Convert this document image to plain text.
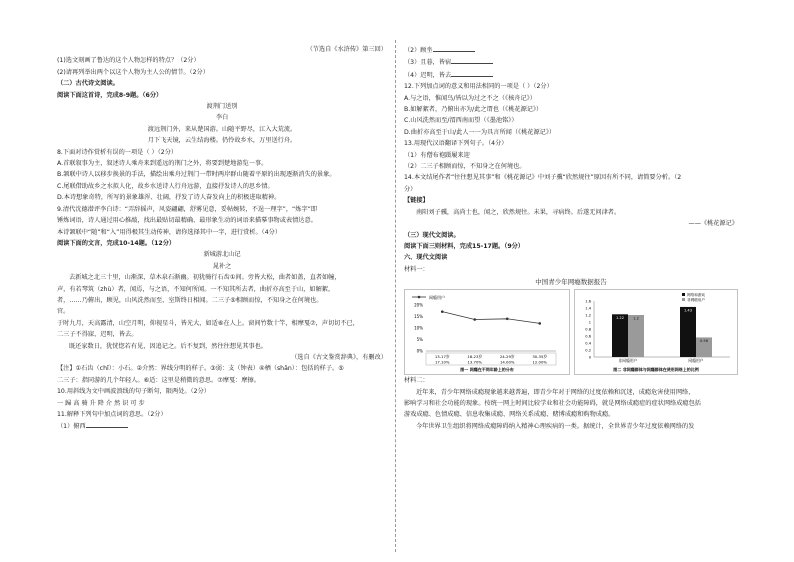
（节选自《水浒传》第三回）
(1)选文刻画了鲁达的这个人物怎样的特点？（2分）
(2)请再列举出两个以这个人物为主人公的情节。（2分）
（二）古代诗文阅读。
阅读下面这首诗，完成8-9题。（6分）
渡荆门送别
李白
渡远荆门外，来从楚国游。山随平野尽，江入大荒流。
月下飞天镜，云生结海楼。仍怜故乡水，万里送行舟。
8.下面对诗作赏析有误的一项是（ ）（2分）
A.首联叙事为主，叙述诗人乘舟来到遥远的荆门之外，将要到楚地游览一事。
B.颔联中诗人以移步换景的手法，描绘出乘舟过荆门一带时两岸群山随着平原的出现逐渐消失的景象。
C.尾联借助故乡之水拟人化，故乡水送诗人行舟远游，直接抒发诗人的思乡情。
D.本诗想象奇特，所写的景象雄浑、壮阔，抒发了诗人奋发向上的积极进取精神。
9.清代沈德潜评李白诗：“弄辞摇声，风姿翩翩，舒雾见意，妥帖婉转，不逞一理字”，“炼字”即
锤炼词语，诗人通过用心推敲，找出最贴切最精确、最形象生动的词语来描摹事物或表情达意。
本诗颔联中“随”和“入”用得极其生动传神，请你选择其中一字，进行赏析。（4分）
阅读下面的文言，完成10-14题。（12分）
新城游北山记
晁补之
去新城之北三十里，山渐深，草木泉石渐幽。初犹骑行石齿①间。旁皆大松，曲者如盖，直者如幢，
声，有若琴筑（zhù）者，闻焉，与之语，不知何所闻。一不知其所去者，曲折亦高至于山，如解絮，
者，……乃俯出，顾见，山风洗然而至，室斯终日相闻。二三子⑤相顾而惊，不知身之在何境也。
官。
于时九月，天高露清，山空月明，仰视星斗，皆光大，如适⑥在人上。窗间竹数十竿，相摩戛⑦，声切切不已，
二三子不得寐，迟明，皆去。
既还家数日，犹恍惚若有见，因追记之。后不复到，然往往想见其事也。
（选自《古文鉴赏辞典》，有删改）
【注】①石齿（chǐ）：小石。②介然：界线分明的样子。③弱：支（钟表）④栖（shān）：包括的样子。⑤
二三子：指同游的几个年轻人。⑥适：这里是稍微的意思。⑦摩戛：摩擦。
10.用斜线为文中画波浪线的句子断句，限两处。（2分）
一 歸 高 骑 升 降 介 然 识 可 步
11.解释下列句中加点词的意思。（2分）
（1）俯西
（2）顾坐
（3）且暮，皆宿
（4）迟明，皆去
12.下列加点词的意义和用法相同的一项是（ ）（2分）
A.与之语，惟闻鸟/皆以为过之不之（《核舟记》）
B.如解絮者，乃俯出亦为/此之谓也（《桃花源记》）
C.山风洗然而至/渭西南而望（《墨池铭》）
D.曲折亦高至于山/此人一一为具言所闻（《桃花源记》）
13.用现代汉语翻译下列句子。（4分）
（1）有僧布袍蹑履来迎
（2）二三子相顾而惊，不知身之在何境也。
14.本文结尾作者“往往想见其事”和《桃花源记》中刘子骥“欣然规往”原因有所不同，请简要分析。（2
分）
【链接】
南阳刘子骥，高尚士也，闻之，欣然规往。未果，寻病终。后遂无问津者。
——《桃花源记》
（三）现代文阅读。
阅读下面三则材料，完成15-17题。（9分）
六、现代文阅读
材料一：
中国青少年网瘾数据报告
网瘾用户
0%
5%
10%
15%
20%
13-17岁
17.10%
18-23岁
13.70%
24-29岁
14.00%
30-35岁
12.00%
图一 网瘾在不同年龄上的分布
网络和游戏
非网瘾用户
0
0.2
0.4
0.6
0.8
1
1.2
1.4
1.6
1.22	1.2
非网瘾用户
1.43
0.56
网瘾用户
图二 非网瘾群体与网瘾群体在使用网络上的比例
材料二：
近年来，青少年网络成瘾现象越来越普遍，即青少年对于网络的过度依赖和沉迷，成瘾危害使用网络，
影响学习和社会功能的现象。按统一网上时间比较学业和社会功能障碍，就是网络成瘾症的症状网络成瘾包括
游戏成瘾、色情成瘾、信息收集成瘾、网络关系成瘾、赌博成瘾和购物成瘾。
今年世界卫生组织将网络成瘾障碍纳入精神心理疾病的一类。据统计，全世界青少年过度依赖网络的发
